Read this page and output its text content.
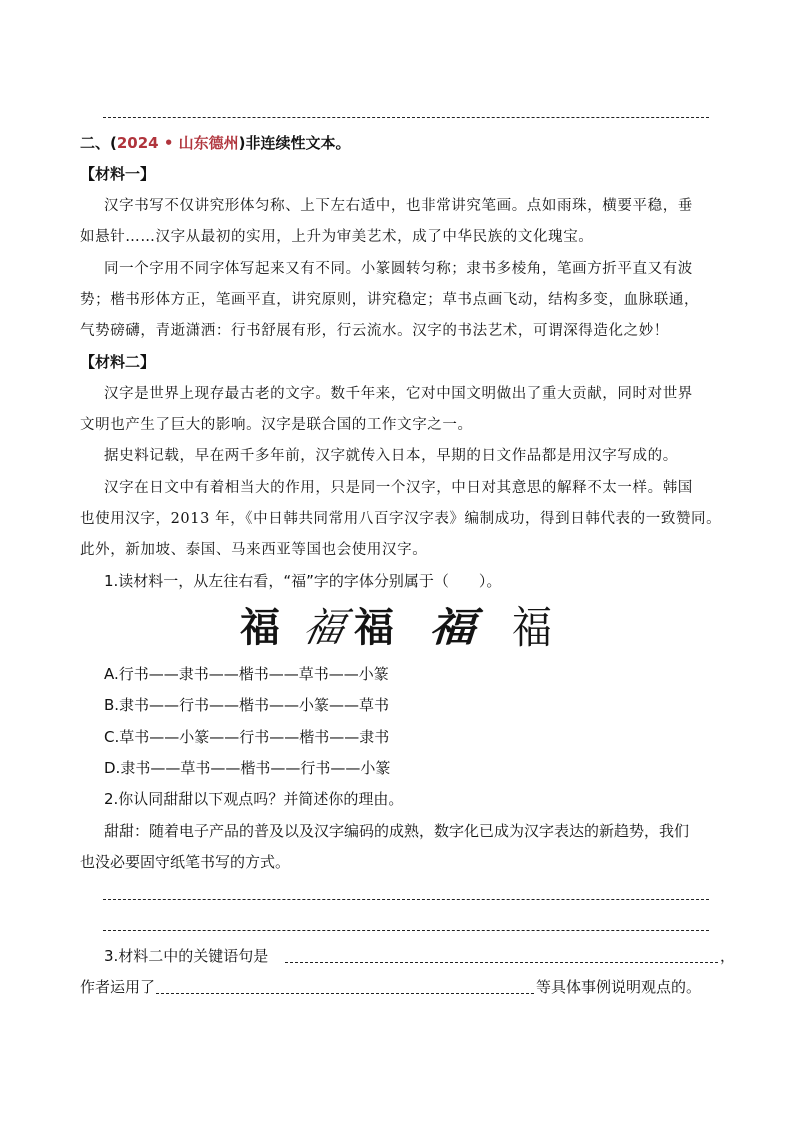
二、(2024 • 山东德州)非连续性文本。
【材料一】
汉字书写不仅讲究形体匀称、上下左右适中，也非常讲究笔画。点如雨珠，横要平稳，垂
如悬针……汉字从最初的实用，上升为审美艺术，成了中华民族的文化瑰宝。
同一个字用不同字体写起来又有不同。小篆圆转匀称；隶书多棱角，笔画方折平直又有波
势；楷书形体方正，笔画平直，讲究原则，讲究稳定；草书点画飞动，结构多变，血脉联通，
气势磅礴，青逝潇洒：行书舒展有形，行云流水。汉字的书法艺术，可谓深得造化之妙！
【材料二】
汉字是世界上现存最古老的文字。数千年来，它对中国文明做出了重大贡献，同时对世界
文明也产生了巨大的影响。汉字是联合国的工作文字之一。
据史料记载，早在两千多年前，汉字就传入日本，早期的日文作品都是用汉字写成的。
汉字在日文中有着相当大的作用，只是同一个汉字，中日对其意思的解释不太一样。韩国
也使用汉字，2013 年，《中日韩共同常用八百字汉字表》编制成功，得到日韩代表的一致赞同。
此外，新加坡、泰国、马来西亚等国也会使用汉字。
1.读材料一，从左往右看，“福”字的字体分别属于（　　）。
福 福 福 福 福
A.行书——隶书——楷书——草书——小篆
B.隶书——行书——楷书——小篆——草书
C.草书——小篆——行书——楷书——隶书
D.隶书——草书——楷书——行书——小篆
2.你认同甜甜以下观点吗？并简述你的理由。
甜甜：随着电子产品的普及以及汉字编码的成熟，数字化已成为汉字表达的新趋势，我们
也没必要固守纸笔书写的方式。
3.材料二中的关键语句是	，
作者运用了	等具体事例说明观点的。
